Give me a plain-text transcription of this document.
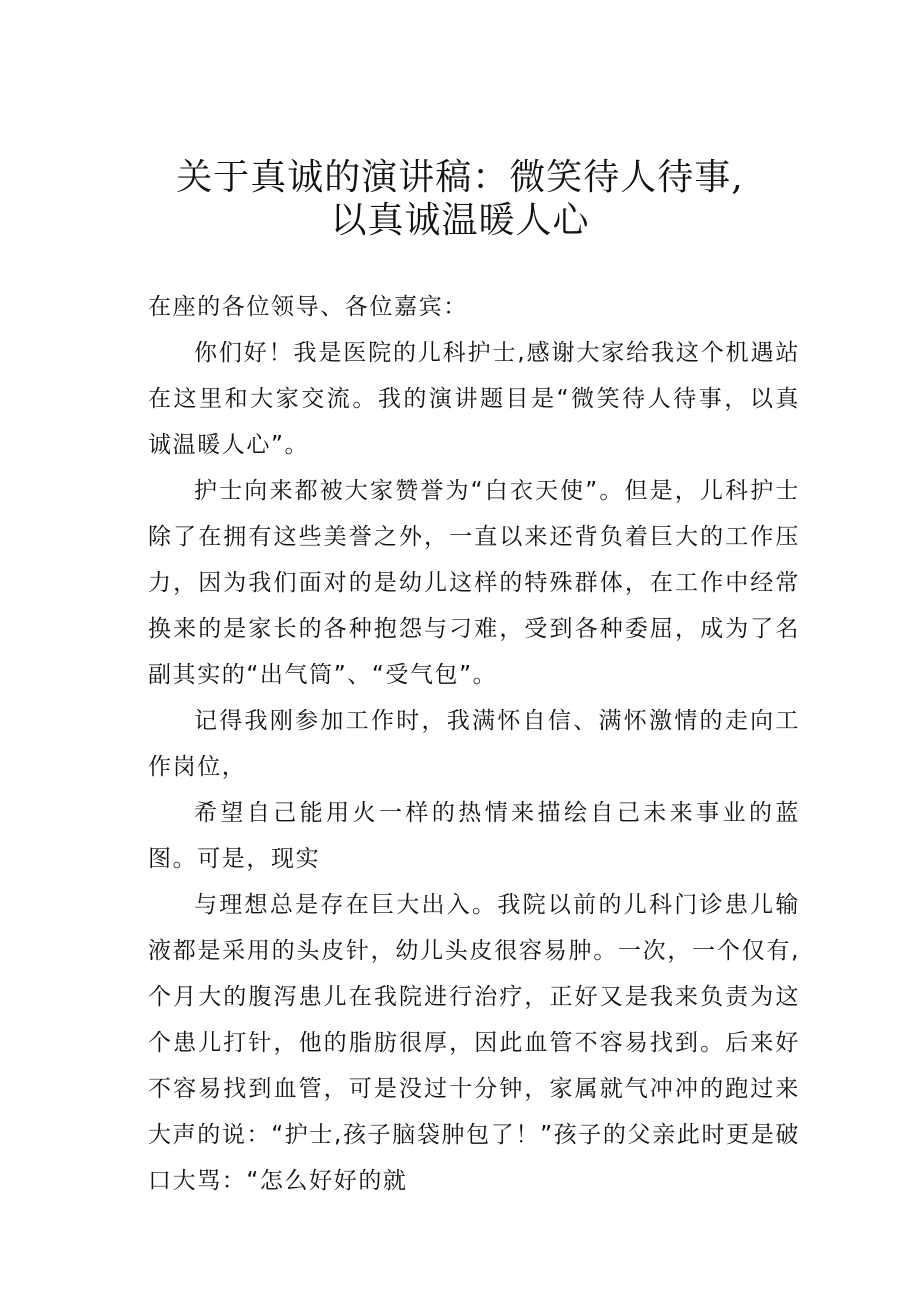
关于真诚的演讲稿：微笑待人待事,
以真诚温暖人心

在座的各位领导、各位嘉宾：

你们好！我是医院的儿科护士,感谢大家给我这个机遇站在这里和大家交流。我的演讲题目是“微笑待人待事，以真诚温暖人心”。

护士向来都被大家赞誉为“白衣天使”。但是，儿科护士除了在拥有这些美誉之外，一直以来还背负着巨大的工作压力，因为我们面对的是幼儿这样的特殊群体，在工作中经常换来的是家长的各种抱怨与刁难，受到各种委屈，成为了名副其实的“出气筒”、“受气包”。

记得我刚参加工作时，我满怀自信、满怀激情的走向工作岗位，

希望自己能用火一样的热情来描绘自己未来事业的蓝图。可是，现实

与理想总是存在巨大出入。我院以前的儿科门诊患儿输液都是采用的头皮针，幼儿头皮很容易肿。一次，一个仅有,个月大的腹泻患儿在我院进行治疗，正好又是我来负责为这个患儿打针，他的脂肪很厚，因此血管不容易找到。后来好不容易找到血管，可是没过十分钟，家属就气冲冲的跑过来大声的说：“护士,孩子脑袋肿包了！”孩子的父亲此时更是破口大骂：“怎么好好的就
